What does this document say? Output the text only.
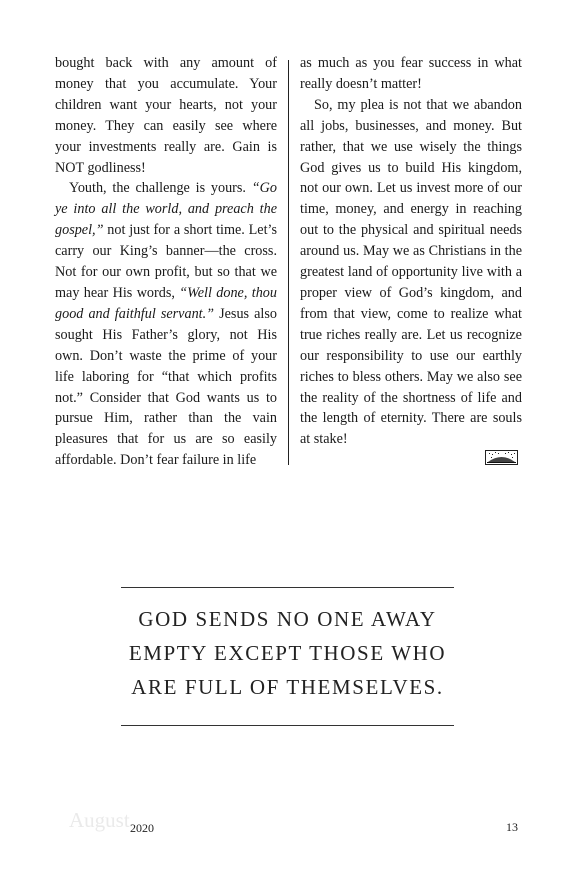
bought back with any amount of money that you accumulate. Your children want your hearts, not your money. They can easily see where your investments really are. Gain is NOT godliness!

Youth, the challenge is yours. “Go ye into all the world, and preach the gospel,” not just for a short time. Let’s carry our King’s banner—the cross. Not for our own profit, but so that we may hear His words, “Well done, thou good and faithful servant.” Jesus also sought His Father’s glory, not His own. Don’t waste the prime of your life laboring for “that which profits not.” Consider that God wants us to pursue Him, rather than the vain pleasures that for us are so easily affordable. Don’t fear failure in life

as much as you fear success in what really doesn’t matter!

So, my plea is not that we abandon all jobs, businesses, and money. But rather, that we use wisely the things God gives us to build His kingdom, not our own. Let us invest more of our time, money, and energy in reaching out to the physical and spiritual needs around us. May we as Christians in the greatest land of opportunity live with a proper view of God’s kingdom, and from that view, come to realize what true riches really are. Let us recognize our responsibility to use our earthly riches to bless others. May we also see the reality of the shortness of life and the length of eternity. There are souls at stake!

GOD SENDS NO ONE AWAY
EMPTY EXCEPT THOSE WHO
ARE FULL OF THEMSELVES.
August 2020	13
